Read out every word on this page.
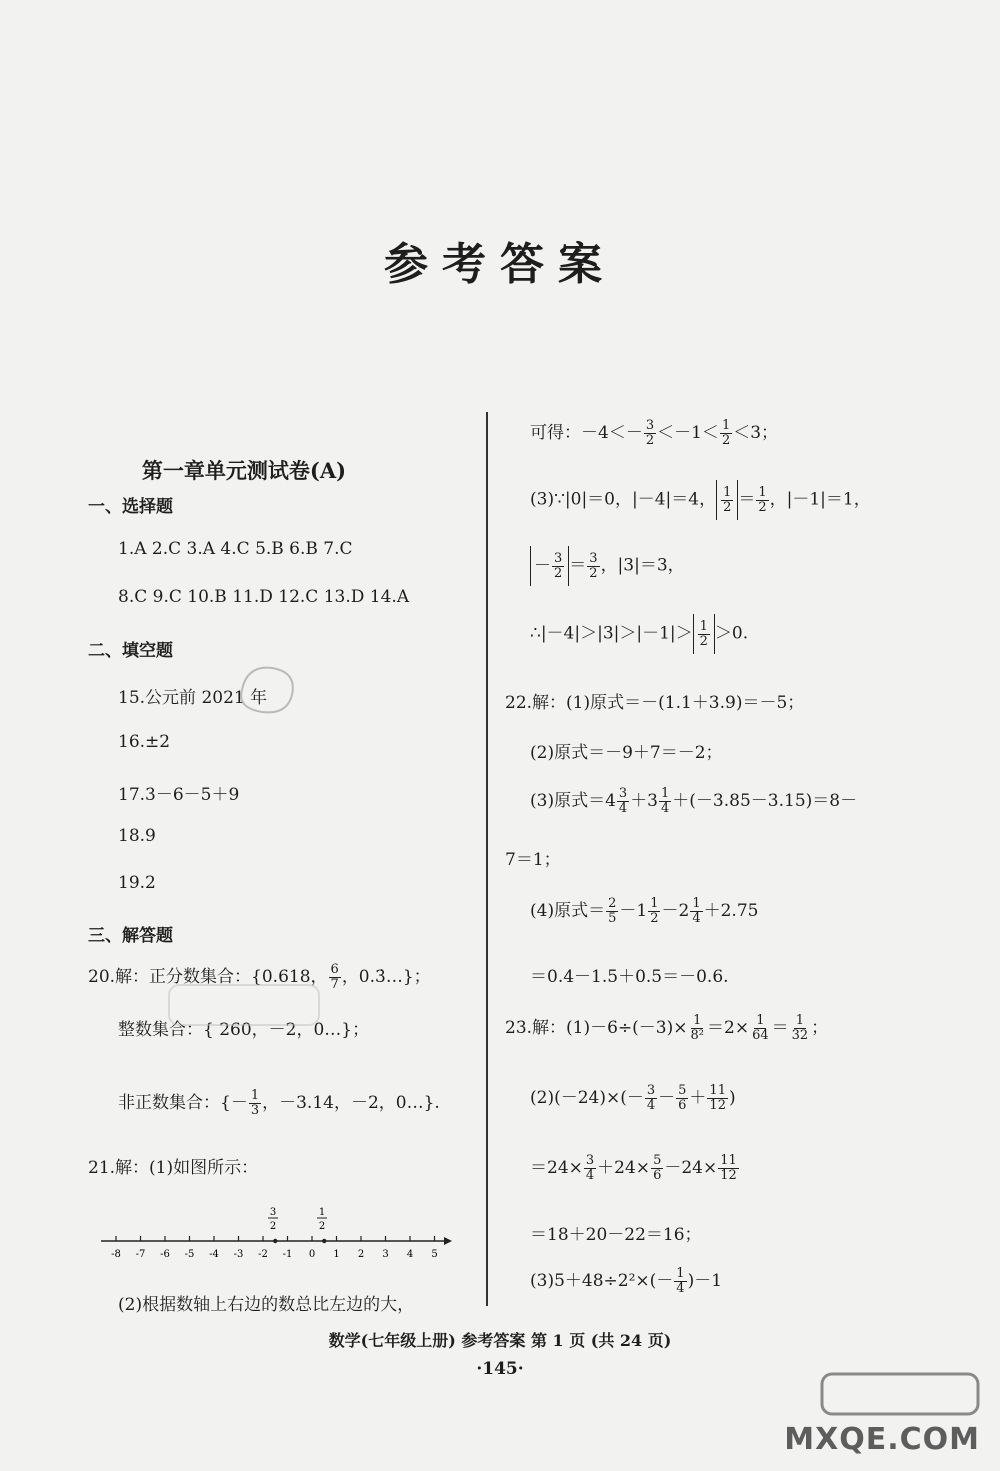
参考答案
第一章单元测试卷(A)
一、选择题
1.A 2.C 3.A 4.C 5.B 6.B 7.C
8.C 9.C 10.B 11.D 12.C 13.D 14.A
二、填空题
15.公元前 2021 年
16.±2
17.3－6－5＋9
18.9
19.2
三、解答题
20.解：正分数集合：{0.618， $\frac{6}{7}$ ，0.3̇…}；
整数集合：{ 260，－2，0…}；
非正数集合：{－ $\frac{1}{3}$ ，－3.14，－2，0…}.
21.解：(1)如图所示：
(2)根据数轴上右边的数总比左边的大，
-8 -7 -6 -5 -4 -3 -2 -1 0 1 2 3 4 5
3
2
1
2
可得：$-4<- \frac{3}{2} <-1< \frac{1}{2} <3$；
(3)∵|0|＝0，|－4|＝4， $\frac{1}{2} = \frac{1}{2}$ ，|－1|＝1，
－ $\frac{3}{2} = \frac{3}{2}$ ，|3|＝3，
∴|－4|＞|3|＞|－1|＞ $\frac{1}{2} >0$.
22.解：(1)原式＝－(1.1＋3.9)＝－5；
(2)原式＝－9＋7＝－2；
(3)原式$=4 \frac{3}{4} +3 \frac{1}{4} +(-3.85-3.15)=8-$
7＝1；
(4)原式＝ $\frac{2}{5} -1 \frac{1}{2} -2 \frac{1}{4} +2.75$
＝0.4－1.5＋0.5＝－0.6.
23.解：$(1)-6\div(-3)\times \frac{1}{\text{8²}} =2\times \frac{1}{64} = \frac{1}{32}$ ；
$(2)(-24)\times(- \frac{3}{4} - \frac{5}{6} + \frac{11}{12}$ )
$=24\times \frac{3}{4} +24\times \frac{5}{6} -24\times \frac{11}{12}$
＝18＋20－22＝16；
$(3)5+48\div 2^2\times(- \frac{1}{4} )-1$
数学(七年级上册) 参考答案 第 1 页 (共 24 页)
·145·
MXQE.COM
